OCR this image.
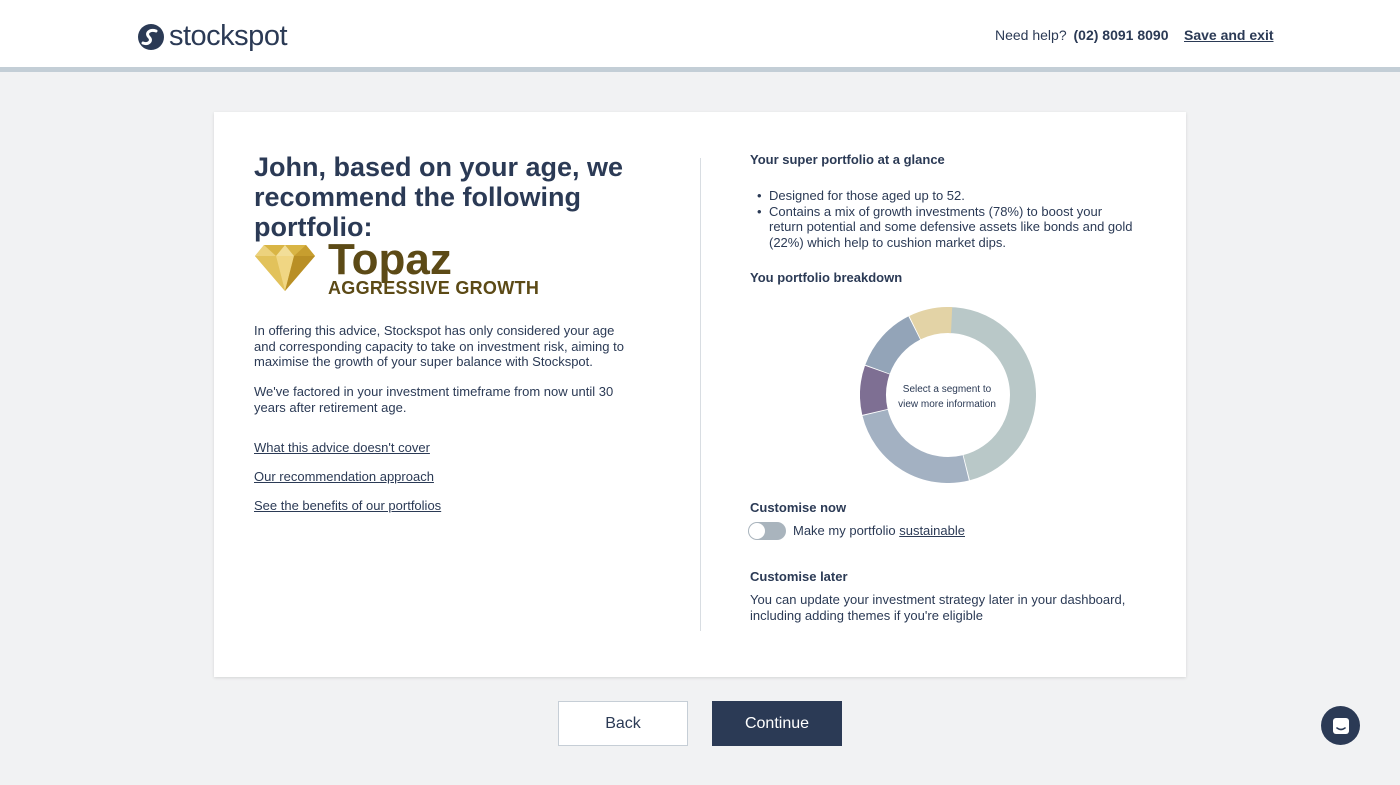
stockspot	Need help? (02) 8091 8090 Save and exit
John, based on your age, we recommend the following portfolio:
Topaz
AGGRESSIVE GROWTH
In offering this advice, Stockspot has only considered your age and corresponding capacity to take on investment risk, aiming to maximise the growth of your super balance with Stockspot.
We've factored in your investment timeframe from now until 30 years after retirement age.
What this advice doesn't cover
Our recommendation approach
See the benefits of our portfolios
Your super portfolio at a glance
• Designed for those aged up to 52.
• Contains a mix of growth investments (78%) to boost your return potential and some defensive assets like bonds and gold (22%) which help to cushion market dips.
You portfolio breakdown
Select a segment to view more information
Customise now
Make my portfolio sustainable
Customise later
You can update your investment strategy later in your dashboard, including adding themes if you're eligible
Back	Continue
